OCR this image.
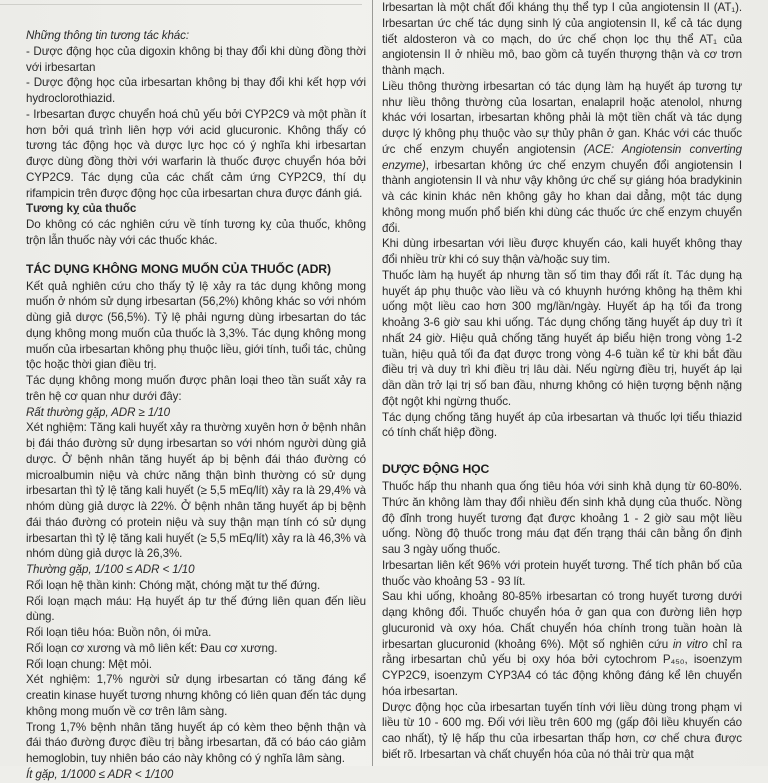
Những thông tin tương tác khác:

- Dược động học của digoxin không bị thay đổi khi dùng đồng thời với irbesartan

- Dược động học của irbesartan không bị thay đổi khi kết hợp với hydroclorothiazid.

- Irbesartan được chuyển hoá chủ yếu bởi CYP2C9 và một phần ít hơn bởi quá trình liên hợp với acid glucuronic. Không thấy có tương tác động học và dược lực học có ý nghĩa khi irbesartan được dùng đồng thời với warfarin là thuốc được chuyển hóa bởi CYP2C9. Tác dụng của các chất cảm ứng CYP2C9, thí dụ rifampicin trên được động học của irbesartan chưa được đánh giá.

Tương kỵ của thuốc

Do không có các nghiên cứu về tính tương kỵ của thuốc, không trộn lẫn thuốc này với các thuốc khác.

TÁC DỤNG KHÔNG MONG MUỐN CỦA THUỐC (ADR)

Kết quả nghiên cứu cho thấy tỷ lệ xảy ra tác dụng không mong muốn ở nhóm sử dụng irbesartan (56,2%) không khác so với nhóm dùng giả dược (56,5%). Tỷ lệ phải ngưng dùng irbesartan do tác dụng không mong muốn của thuốc là 3,3%. Tác dụng không mong muốn của irbesartan không phụ thuộc liều, giới tính, tuổi tác, chủng tộc hoặc thời gian điều trị.

Tác dụng không mong muốn được phân loại theo tần suất xảy ra trên hệ cơ quan như dưới đây:

Rất thường gặp, ADR ≥ 1/10

Xét nghiệm: Tăng kali huyết xảy ra thường xuyên hơn ở bệnh nhân bị đái tháo đường sử dụng irbesartan so với nhóm người dùng giả dược. Ở bệnh nhân tăng huyết áp bị bệnh đái tháo đường có microalbumin niệu và chức năng thận bình thường có sử dụng irbesartan thì tỷ lệ tăng kali huyết (≥ 5,5 mEq/lít) xảy ra là 29,4% và nhóm dùng giả dược là 22%. Ở bệnh nhân tăng huyết áp bị bệnh đái tháo đường có protein niệu và suy thận mạn tính có sử dụng irbesartan thì tỷ lệ tăng kali huyết (≥ 5,5 mEq/lít) xảy ra là 46,3% và nhóm dùng giả dược là 26,3%.

Thường gặp, 1/100 ≤ ADR < 1/10

Rối loạn hệ thần kinh: Chóng mặt, chóng mặt tư thế đứng.

Rối loạn mạch máu: Hạ huyết áp tư thế đứng liên quan đến liều dùng.

Rối loạn tiêu hóa: Buồn nôn, ói mửa.

Rối loạn cơ xương và mô liên kết: Đau cơ xương.

Rối loạn chung: Mệt mỏi.

Xét nghiệm: 1,7% người sử dụng irbesartan có tăng đáng kể creatin kinase huyết tương nhưng không có liên quan đến tác dụng không mong muốn về cơ trên lâm sàng.

Trong 1,7% bệnh nhân tăng huyết áp có kèm theo bệnh thận và đái tháo đường được điều trị bằng irbesartan, đã có báo cáo giảm hemoglobin, tuy nhiên báo cáo này không có ý nghĩa lâm sàng.

Ít gặp, 1/1000 ≤ ADR < 1/100

Irbesartan là một chất đối kháng thụ thể typ I của angiotensin II (AT₁). Irbesartan ức chế tác dụng sinh lý của angiotensin II, kể cả tác dụng tiết aldosteron và co mạch, do ức chế chọn lọc thụ thể AT₁ của angiotensin II ở nhiều mô, bao gồm cả tuyến thượng thận và cơ trơn thành mạch.

Liều thông thường irbesartan có tác dụng làm hạ huyết áp tương tự như liều thông thường của losartan, enalapril hoặc atenolol, nhưng khác với losartan, irbesartan không phải là một tiền chất và tác dụng dược lý không phụ thuộc vào sự thủy phân ở gan. Khác với các thuốc ức chế enzym chuyển angiotensin (ACE: Angiotensin converting enzyme), irbesartan không ức chế enzym chuyển đổi angiotensin I thành angiotensin II và như vậy không ức chế sự giáng hóa bradykinin và các kinin khác nên không gây ho khan dai dẳng, một tác dụng không mong muốn phổ biến khi dùng các thuốc ức chế enzym chuyển đổi.

Khi dùng irbesartan với liều được khuyến cáo, kali huyết không thay đổi nhiều trừ khi có suy thận và/hoặc suy tim.

Thuốc làm hạ huyết áp nhưng tần số tim thay đổi rất ít. Tác dụng hạ huyết áp phụ thuộc vào liều và có khuynh hướng không hạ thêm khi uống một liều cao hơn 300 mg/lần/ngày. Huyết áp hạ tối đa trong khoảng 3-6 giờ sau khi uống. Tác dụng chống tăng huyết áp duy trì ít nhất 24 giờ. Hiệu quả chống tăng huyết áp biểu hiện trong vòng 1-2 tuần, hiệu quả tối đa đạt được trong vòng 4-6 tuần kể từ khi bắt đầu điều trị và duy trì khi điều trị lâu dài. Nếu ngừng điều trị, huyết áp lại dần dần trở lại trị số ban đầu, nhưng không có hiện tượng bệnh nặng đột ngột khi ngừng thuốc.

Tác dụng chống tăng huyết áp của irbesartan và thuốc lợi tiểu thiazid có tính chất hiệp đồng.

DƯỢC ĐỘNG HỌC

Thuốc hấp thu nhanh qua ống tiêu hóa với sinh khả dụng từ 60-80%. Thức ăn không làm thay đổi nhiều đến sinh khả dụng của thuốc. Nồng độ đỉnh trong huyết tương đạt được khoảng 1 - 2 giờ sau một liều uống. Nồng độ thuốc trong máu đạt đến trạng thái cân bằng ổn định sau 3 ngày uống thuốc.

Irbesartan liên kết 96% với protein huyết tương. Thể tích phân bố của thuốc vào khoảng 53 - 93 lít.

Sau khi uống, khoảng 80-85% irbesartan có trong huyết tương dưới dạng không đổi. Thuốc chuyển hóa ở gan qua con đường liên hợp glucuronid và oxy hóa. Chất chuyển hóa chính trong tuần hoàn là irbesartan glucuronid (khoảng 6%). Một số nghiên cứu in vitro chỉ ra rằng irbesartan chủ yếu bị oxy hóa bởi cytochrom P₄₅₀, isoenzym CYP2C9, isoenzym CYP3A4 có tác động không đáng kể lên chuyển hóa irbesartan.

Dược động học của irbesartan tuyến tính với liều dùng trong phạm vi liều từ 10 - 600 mg. Đối với liều trên 600 mg (gấp đôi liều khuyến cáo cao nhất), tỷ lệ hấp thu của irbesartan thấp hơn, cơ chế chưa được biết rõ. Irbesartan và chất chuyển hóa của nó thải trừ qua mật
